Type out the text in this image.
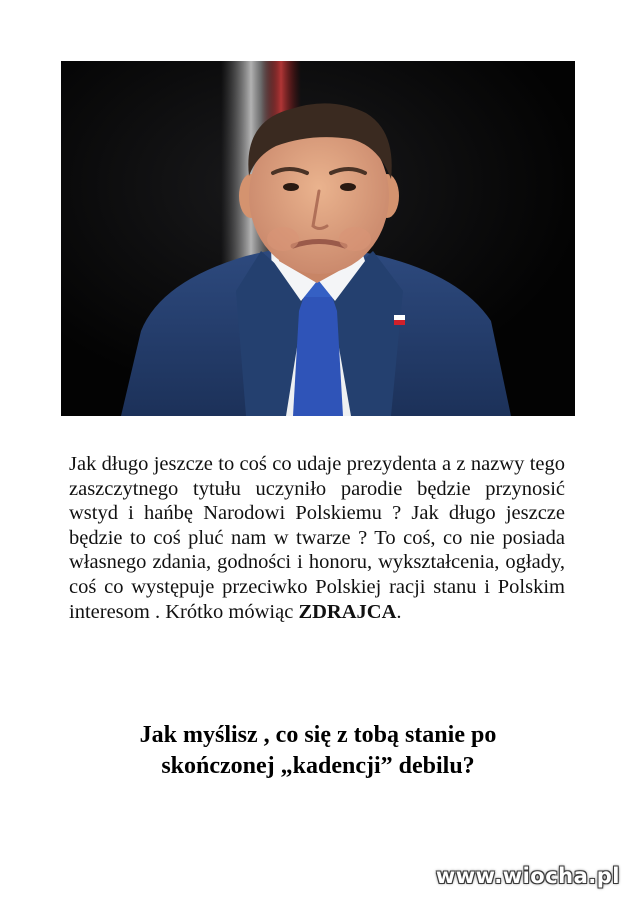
Jak długo jeszcze to coś co udaje prezydenta a z nazwy tego zaszczytnego tytułu uczyniło parodie będzie przynosić wstyd i hańbę Narodowi Polskiemu ? Jak długo jeszcze będzie to coś pluć nam w twarze ? To coś, co nie posiada własnego zdania, godności i honoru, wykształcenia, ogłady, coś co występuje przeciwko Polskiej racji stanu i Polskim interesom . Krótko mówiąc ZDRAJCA.

Jak myślisz , co się z tobą stanie po
skończonej „kadencji” debilu?

www.wiocha.pl
